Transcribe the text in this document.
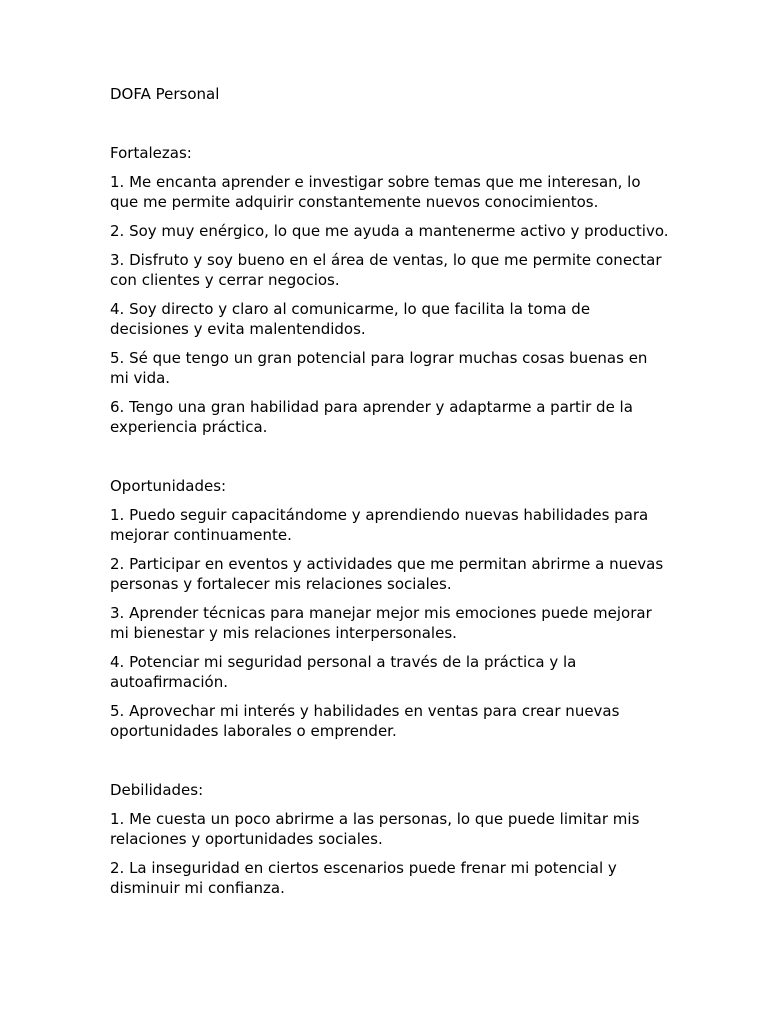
DOFA Personal

Fortalezas:

1. Me encanta aprender e investigar sobre temas que me interesan, lo que me permite adquirir constantemente nuevos conocimientos.

2. Soy muy enérgico, lo que me ayuda a mantenerme activo y productivo.

3. Disfruto y soy bueno en el área de ventas, lo que me permite conectar con clientes y cerrar negocios.

4. Soy directo y claro al comunicarme, lo que facilita la toma de decisiones y evita malentendidos.

5. Sé que tengo un gran potencial para lograr muchas cosas buenas en mi vida.

6. Tengo una gran habilidad para aprender y adaptarme a partir de la experiencia práctica.

Oportunidades:

1. Puedo seguir capacitándome y aprendiendo nuevas habilidades para mejorar continuamente.

2. Participar en eventos y actividades que me permitan abrirme a nuevas personas y fortalecer mis relaciones sociales.

3. Aprender técnicas para manejar mejor mis emociones puede mejorar mi bienestar y mis relaciones interpersonales.

4. Potenciar mi seguridad personal a través de la práctica y la autoafirmación.

5. Aprovechar mi interés y habilidades en ventas para crear nuevas oportunidades laborales o emprender.

Debilidades:

1. Me cuesta un poco abrirme a las personas, lo que puede limitar mis relaciones y oportunidades sociales.

2. La inseguridad en ciertos escenarios puede frenar mi potencial y disminuir mi confianza.
